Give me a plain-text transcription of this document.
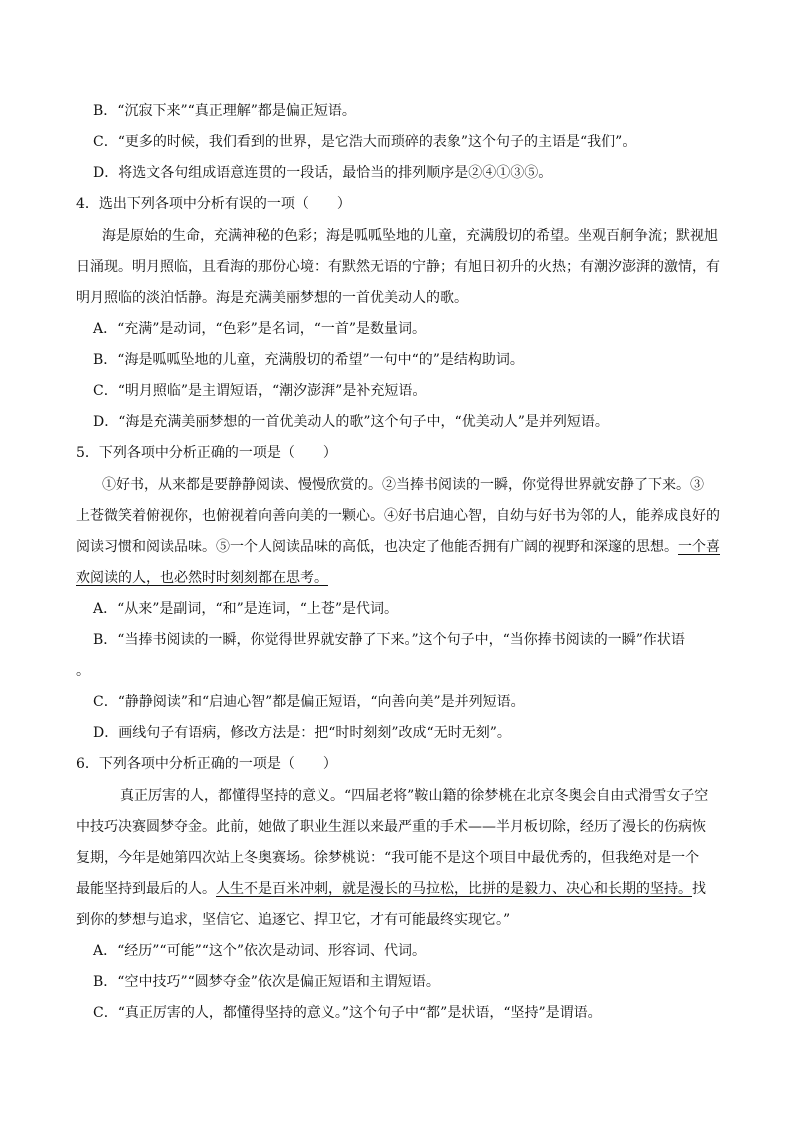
B．“沉寂下来”“真正理解”都是偏正短语。
C．“更多的时候，我们看到的世界，是它浩大而琐碎的表象”这个句子的主语是“我们”。
D．将选文各句组成语意连贯的一段话，最恰当的排列顺序是②④①③⑤。
4．选出下列各项中分析有误的一项（　　）
海是原始的生命，充满神秘的色彩；海是呱呱坠地的儿童，充满殷切的希望。坐观百舸争流；默视旭
日涌现。明月照临，且看海的那份心境：有默然无语的宁静；有旭日初升的火热；有潮汐澎湃的激情，有
明月照临的淡泊恬静。海是充满美丽梦想的一首优美动人的歌。
A．“充满”是动词，“色彩”是名词，“一首”是数量词。
B．“海是呱呱坠地的儿童，充满殷切的希望”一句中“的”是结构助词。
C．“明月照临”是主谓短语，“潮汐澎湃”是补充短语。
D．“海是充满美丽梦想的一首优美动人的歌”这个句子中，“优美动人”是并列短语。
5．下列各项中分析正确的一项是（　　）
①好书，从来都是要静静阅读、慢慢欣赏的。②当捧书阅读的一瞬，你觉得世界就安静了下来。③
上苍微笑着俯视你，也俯视着向善向美的一颗心。④好书启迪心智，自幼与好书为邻的人，能养成良好的
阅读习惯和阅读品味。⑤一个人阅读品味的高低，也决定了他能否拥有广阔的视野和深邃的思想。一个喜
欢阅读的人，也必然时时刻刻都在思考。
A．“从来”是副词，“和”是连词，“上苍”是代词。
B．“当捧书阅读的一瞬，你觉得世界就安静了下来。”这个句子中，“当你捧书阅读的一瞬”作状语
。
C．“静静阅读”和“启迪心智”都是偏正短语，“向善向美”是并列短语。
D．画线句子有语病，修改方法是：把“时时刻刻”改成“无时无刻”。
6．下列各项中分析正确的一项是（　　）
真正厉害的人，都懂得坚持的意义。“四届老将”鞍山籍的徐梦桃在北京冬奥会自由式滑雪女子空
中技巧决赛圆梦夺金。此前，她做了职业生涯以来最严重的手术——半月板切除，经历了漫长的伤病恢
复期，今年是她第四次站上冬奥赛场。徐梦桃说：“我可能不是这个项目中最优秀的，但我绝对是一个
最能坚持到最后的人。人生不是百米冲刺，就是漫长的马拉松，比拼的是毅力、决心和长期的坚持。找
到你的梦想与追求，坚信它、追逐它、捍卫它，才有可能最终实现它。”
A．“经历”“可能”“这个”依次是动词、形容词、代词。
B．“空中技巧”“圆梦夺金”依次是偏正短语和主谓短语。
C．“真正厉害的人，都懂得坚持的意义。”这个句子中“都”是状语，“坚持”是谓语。
